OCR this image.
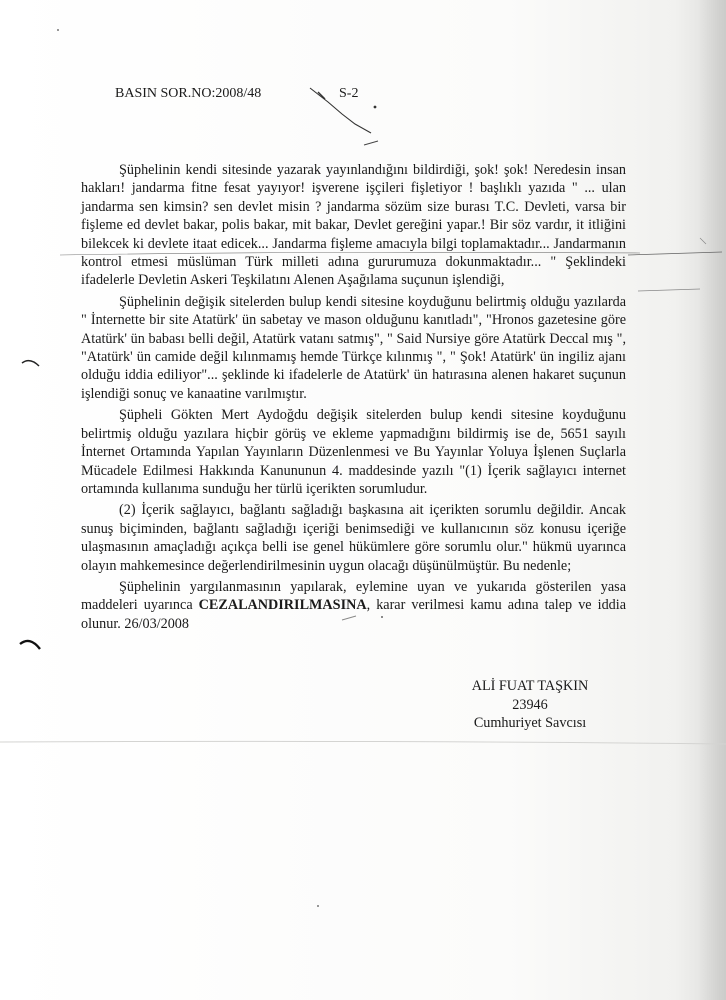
BASIN SOR.NO:2008/48	S-2

Şüphelinin kendi sitesinde yazarak yayınlandığını bildirdiği, şok! şok! Neredesin insan hakları! jandarma fitne fesat yayıyor! işverene işçileri fişletiyor ! başlıklı yazıda " ... ulan jandarma sen kimsin? sen devlet misin ? jandarma sözüm size burası T.C. Devleti, varsa bir fişleme ed devlet bakar, polis bakar, mit bakar, Devlet gereğini yapar.! Bir söz vardır, it itliğini bilekcek ki devlete itaat edicek... Jandarma fişleme amacıyla bilgi toplamaktadır... Jandarmanın kontrol etmesi müslüman Türk milleti adına gururumuza dokunmaktadır... " Şeklindeki ifadelerle Devletin Askeri Teşkilatını Alenen Aşağılama suçunun işlendiği,

Şüphelinin değişik sitelerden bulup kendi sitesine koyduğunu belirtmiş olduğu yazılarda " İnternette bir site Atatürk' ün sabetay ve mason olduğunu kanıtladı", "Hronos gazetesine göre Atatürk' ün babası belli değil, Atatürk vatanı satmış", " Said Nursiye göre Atatürk Deccal mış ", "Atatürk' ün camide değil kılınmamış hemde Türkçe kılınmış ", " Şok! Atatürk' ün ingiliz ajanı olduğu iddia ediliyor"... şeklinde ki ifadelerle de Atatürk' ün hatırasına alenen hakaret suçunun işlendiği sonuç ve kanaatine varılmıştır.

Şüpheli Gökten Mert Aydoğdu değişik sitelerden bulup kendi sitesine koyduğunu belirtmiş olduğu yazılara hiçbir görüş ve ekleme yapmadığını bildirmiş ise de, 5651 sayılı İnternet Ortamında Yapılan Yayınların Düzenlenmesi ve Bu Yayınlar Yoluya İşlenen Suçlarla Mücadele Edilmesi Hakkında Kanununun 4. maddesinde yazılı "(1) İçerik sağlayıcı internet ortamında kullanıma sunduğu her türlü içerikten sorumludur.

(2) İçerik sağlayıcı, bağlantı sağladığı başkasına ait içerikten sorumlu değildir. Ancak sunuş biçiminden, bağlantı sağladığı içeriği benimsediği ve kullanıcının söz konusu içeriğe ulaşmasının amaçladığı açıkça belli ise genel hükümlere göre sorumlu olur." hükmü uyarınca olayın mahkemesince değerlendirilmesinin uygun olacağı düşünülmüştür. Bu nedenle;

Şüphelinin yargılanmasının yapılarak, eylemine uyan ve yukarıda gösterilen yasa maddeleri uyarınca CEZALANDIRILMASINA, karar verilmesi kamu adına talep ve iddia olunur. 26/03/2008

ALİ FUAT TAŞKIN
23946
Cumhuriyet Savcısı
